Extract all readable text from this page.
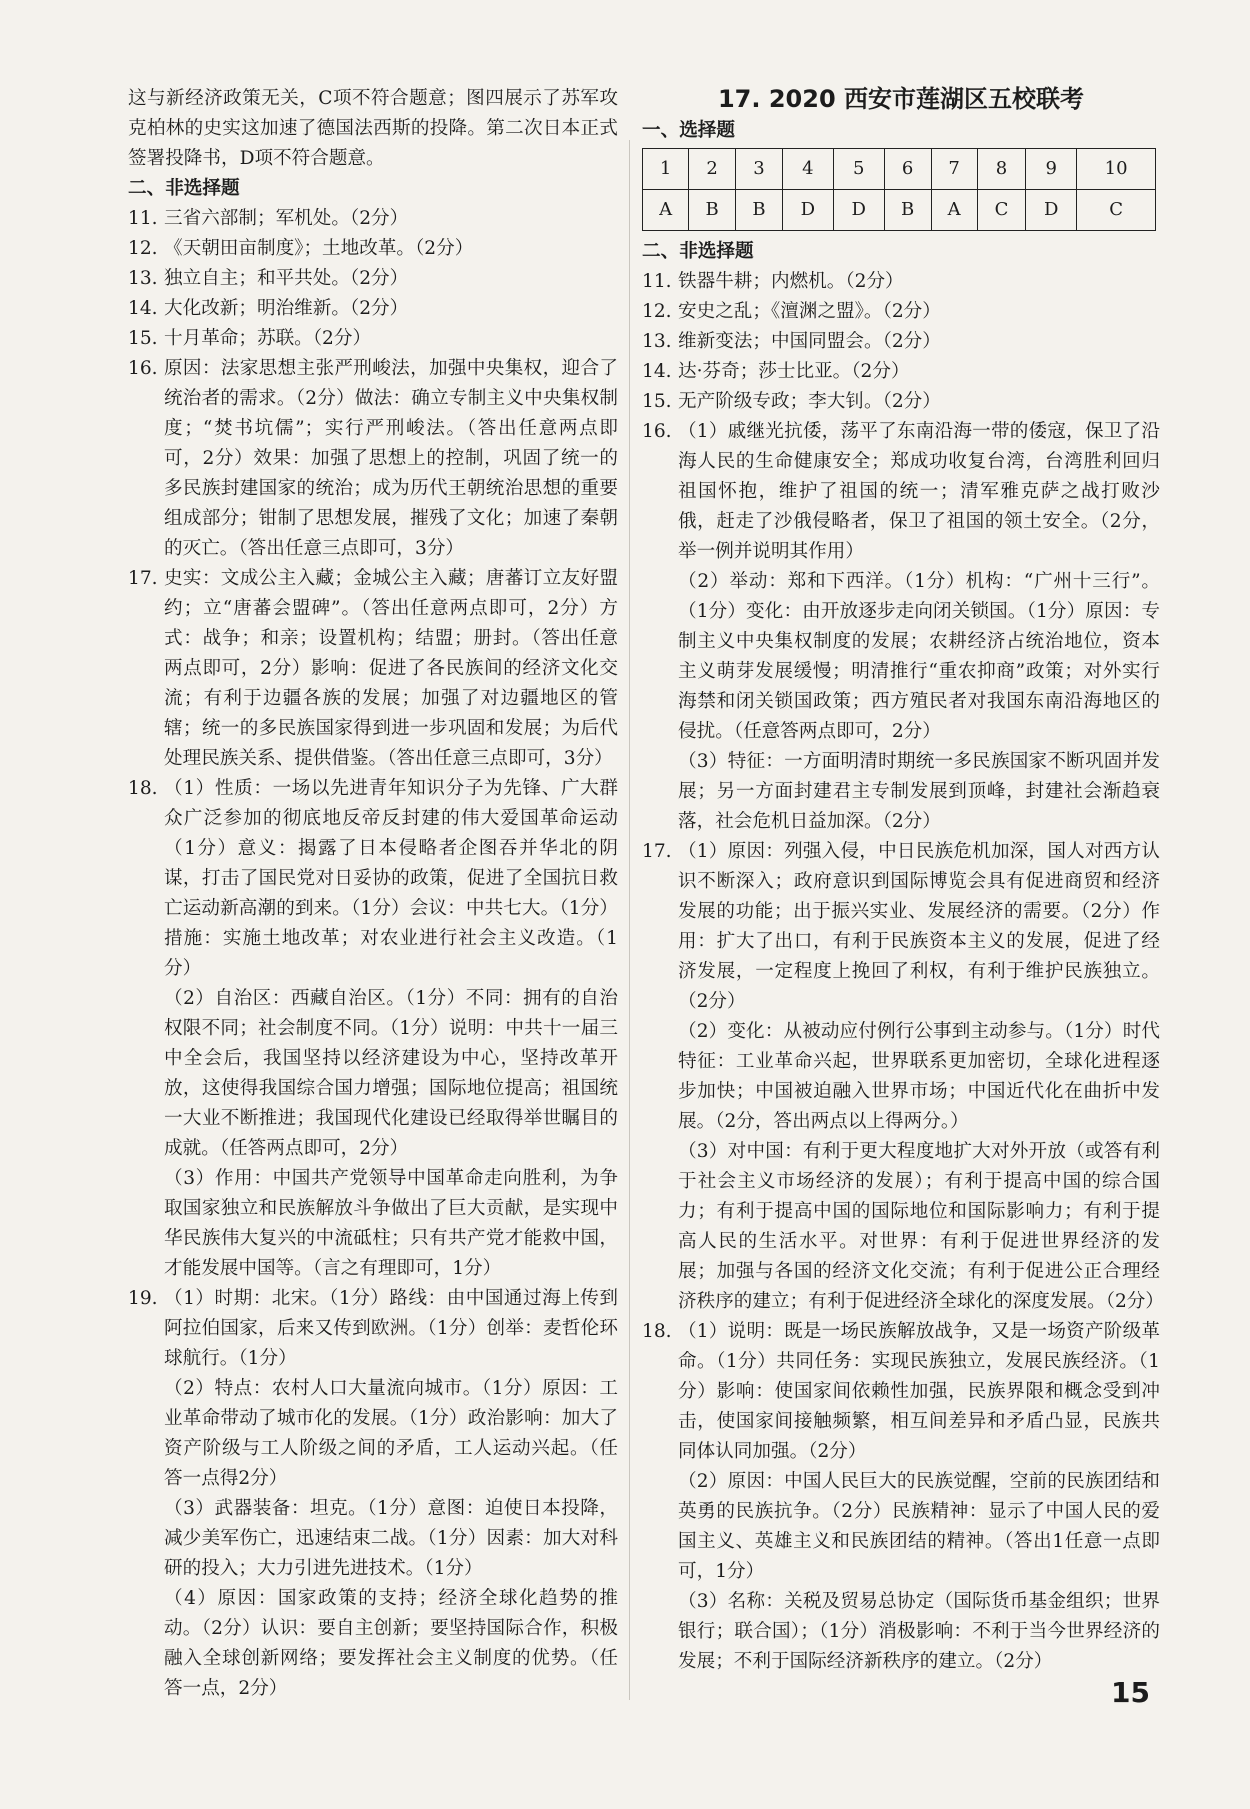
这与新经济政策无关，C项不符合题意；图四展示了苏军攻克柏林的史实这加速了德国法西斯的投降。第二次日本正式签署投降书，D项不符合题意。

二、非选择题

11. 三省六部制；军机处。（2分）
12. 《天朝田亩制度》；土地改革。（2分）
13. 独立自主；和平共处。（2分）
14. 大化改新；明治维新。（2分）
15. 十月革命；苏联。（2分）
16. 原因：法家思想主张严刑峻法，加强中央集权，迎合了统治者的需求。（2分）做法：确立专制主义中央集权制度；“焚书坑儒”；实行严刑峻法。（答出任意两点即可，2分）效果：加强了思想上的控制，巩固了统一的多民族封建国家的统治；成为历代王朝统治思想的重要组成部分；钳制了思想发展，摧残了文化；加速了秦朝的灭亡。（答出任意三点即可，3分）
17. 史实：文成公主入藏；金城公主入藏；唐蕃订立友好盟约；立“唐蕃会盟碑”。（答出任意两点即可，2分）方式：战争；和亲；设置机构；结盟；册封。（答出任意两点即可，2分）影响：促进了各民族间的经济文化交流；有利于边疆各族的发展；加强了对边疆地区的管辖；统一的多民族国家得到进一步巩固和发展；为后代处理民族关系、提供借鉴。（答出任意三点即可，3分）
18. （1）性质：一场以先进青年知识分子为先锋、广大群众广泛参加的彻底地反帝反封建的伟大爱国革命运动（1分）意义：揭露了日本侵略者企图吞并华北的阴谋，打击了国民党对日妥协的政策，促进了全国抗日救亡运动新高潮的到来。（1分）会议：中共七大。（1分）措施：实施土地改革；对农业进行社会主义改造。（1分）

（2）自治区：西藏自治区。（1分）不同：拥有的自治权限不同；社会制度不同。（1分）说明：中共十一届三中全会后，我国坚持以经济建设为中心，坚持改革开放，这使得我国综合国力增强；国际地位提高；祖国统一大业不断推进；我国现代化建设已经取得举世瞩目的成就。（任答两点即可，2分）

（3）作用：中国共产党领导中国革命走向胜利，为争取国家独立和民族解放斗争做出了巨大贡献，是实现中华民族伟大复兴的中流砥柱；只有共产党才能救中国，才能发展中国等。（言之有理即可，1分）

19. （1）时期：北宋。（1分）路线：由中国通过海上传到阿拉伯国家，后来又传到欧洲。（1分）创举：麦哲伦环球航行。（1分）

（2）特点：农村人口大量流向城市。（1分）原因：工业革命带动了城市化的发展。（1分）政治影响：加大了资产阶级与工人阶级之间的矛盾，工人运动兴起。（任答一点得2分）

（3）武器装备：坦克。（1分）意图：迫使日本投降，减少美军伤亡，迅速结束二战。（1分）因素：加大对科研的投入；大力引进先进技术。（1分）

（4）原因：国家政策的支持；经济全球化趋势的推动。（2分）认识：要自主创新；要坚持国际合作，积极融入全球创新网络；要发挥社会主义制度的优势。（任答一点，2分）

17. 2020 西安市莲湖区五校联考

一、选择题

1	2	3	4	5	6	7	8	9	10
A	B	B	D	D	B	A	C	D	C

二、非选择题

11. 铁器牛耕；内燃机。（2分）
12. 安史之乱；《澶渊之盟》。（2分）
13. 维新变法；中国同盟会。（2分）
14. 达·芬奇；莎士比亚。（2分）
15. 无产阶级专政；李大钊。（2分）
16. （1）戚继光抗倭，荡平了东南沿海一带的倭寇，保卫了沿海人民的生命健康安全；郑成功收复台湾，台湾胜利回归祖国怀抱，维护了祖国的统一；清军雅克萨之战打败沙俄，赶走了沙俄侵略者，保卫了祖国的领土安全。（2分，举一例并说明其作用）

（2）举动：郑和下西洋。（1分）机构：“广州十三行”。（1分）变化：由开放逐步走向闭关锁国。（1分）原因：专制主义中央集权制度的发展；农耕经济占统治地位，资本主义萌芽发展缓慢；明清推行“重农抑商”政策；对外实行海禁和闭关锁国政策；西方殖民者对我国东南沿海地区的侵扰。（任意答两点即可，2分）

（3）特征：一方面明清时期统一多民族国家不断巩固并发展；另一方面封建君主专制发展到顶峰，封建社会渐趋衰落，社会危机日益加深。（2分）

17. （1）原因：列强入侵，中日民族危机加深，国人对西方认识不断深入；政府意识到国际博览会具有促进商贸和经济发展的功能；出于振兴实业、发展经济的需要。（2分）作用：扩大了出口，有利于民族资本主义的发展，促进了经济发展，一定程度上挽回了利权，有利于维护民族独立。（2分）

（2）变化：从被动应付例行公事到主动参与。（1分）时代特征：工业革命兴起，世界联系更加密切，全球化进程逐步加快；中国被迫融入世界市场；中国近代化在曲折中发展。（2分，答出两点以上得两分。）

（3）对中国：有利于更大程度地扩大对外开放（或答有利于社会主义市场经济的发展）；有利于提高中国的综合国力；有利于提高中国的国际地位和国际影响力；有利于提高人民的生活水平。对世界：有利于促进世界经济的发展；加强与各国的经济文化交流；有利于促进公正合理经济秩序的建立；有利于促进经济全球化的深度发展。（2分）

18. （1）说明：既是一场民族解放战争，又是一场资产阶级革命。（1分）共同任务：实现民族独立，发展民族经济。（1分）影响：使国家间依赖性加强，民族界限和概念受到冲击，使国家间接触频繁，相互间差异和矛盾凸显，民族共同体认同加强。（2分）

（2）原因：中国人民巨大的民族觉醒，空前的民族团结和英勇的民族抗争。（2分）民族精神：显示了中国人民的爱国主义、英雄主义和民族团结的精神。（答出1任意一点即可，1分）

（3）名称：关税及贸易总协定（国际货币基金组织；世界银行；联合国）；（1分）消极影响：不利于当今世界经济的发展；不利于国际经济新秩序的建立。（2分）

15
